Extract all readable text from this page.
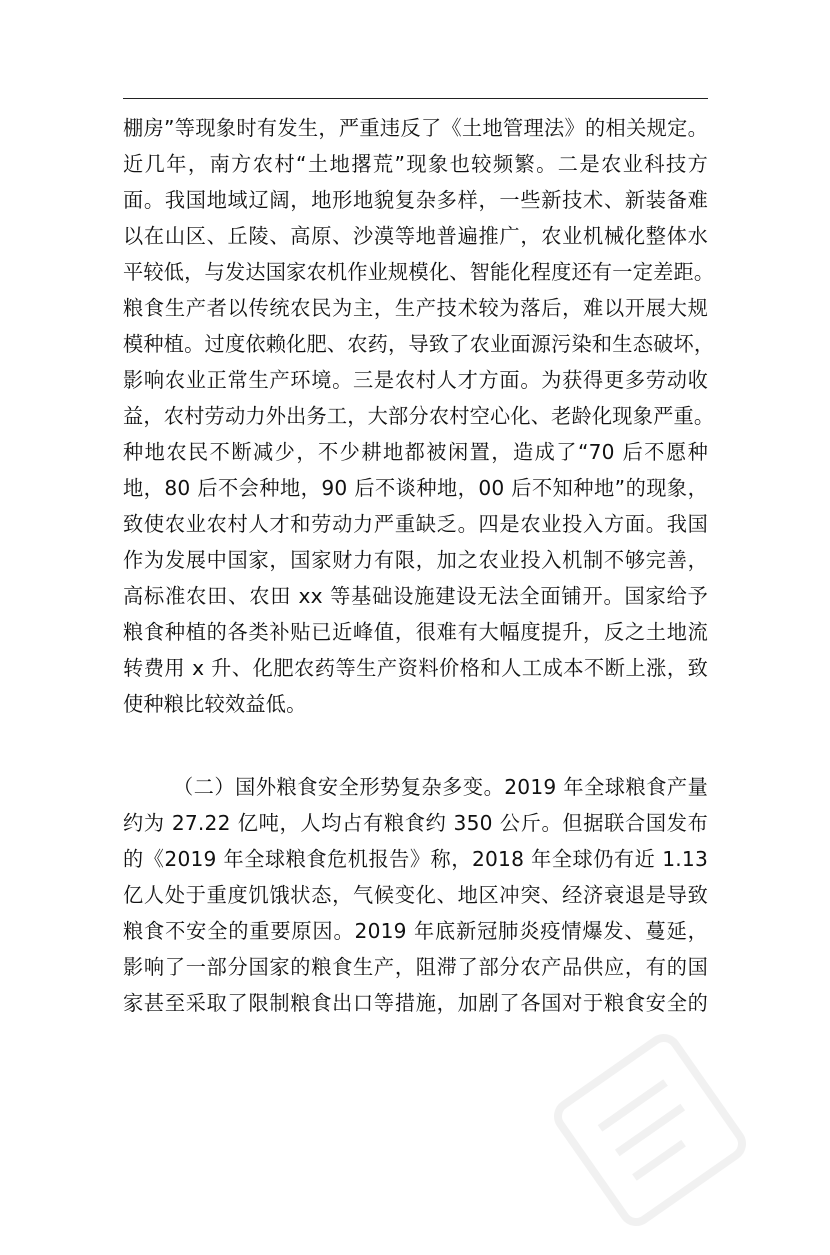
棚房”等现象时有发生，严重违反了《土地管理法》的相关规定。
近几年，南方农村“土地撂荒”现象也较频繁。二是农业科技方
面。我国地域辽阔，地形地貌复杂多样，一些新技术、新装备难
以在山区、丘陵、高原、沙漠等地普遍推广，农业机械化整体水
平较低，与发达国家农机作业规模化、智能化程度还有一定差距。
粮食生产者以传统农民为主，生产技术较为落后，难以开展大规
模种植。过度依赖化肥、农药，导致了农业面源污染和生态破坏，
影响农业正常生产环境。三是农村人才方面。为获得更多劳动收
益，农村劳动力外出务工，大部分农村空心化、老龄化现象严重。
种地农民不断减少，不少耕地都被闲置，造成了“70 后不愿种
地，80 后不会种地，90 后不谈种地，00 后不知种地”的现象，
致使农业农村人才和劳动力严重缺乏。四是农业投入方面。我国
作为发展中国家，国家财力有限，加之农业投入机制不够完善，
高标准农田、农田 xx 等基础设施建设无法全面铺开。国家给予
粮食种植的各类补贴已近峰值，很难有大幅度提升，反之土地流
转费用 x 升、化肥农药等生产资料价格和人工成本不断上涨，致
使种粮比较效益低。
（二）国外粮食安全形势复杂多变。2019 年全球粮食产量
约为 27.22 亿吨，人均占有粮食约 350 公斤。但据联合国发布
的《2019 年全球粮食危机报告》称，2018 年全球仍有近 1.13
亿人处于重度饥饿状态，气候变化、地区冲突、经济衰退是导致
粮食不安全的重要原因。2019 年底新冠肺炎疫情爆发、蔓延，
影响了一部分国家的粮食生产，阻滞了部分农产品供应，有的国
家甚至采取了限制粮食出口等措施，加剧了各国对于粮食安全的
